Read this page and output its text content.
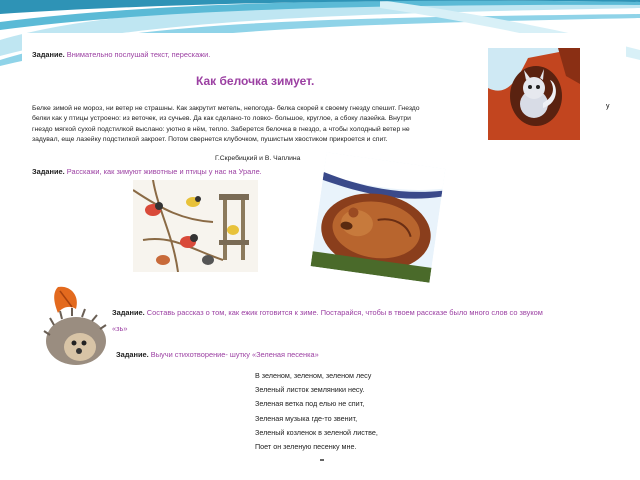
Задание. Внимательно послушай текст, перескажи.
Как белочка зимует.
Белке зимой не мороз, ни ветер не страшны. Как закрутит метель, непогода- белка скорей к своему гнезду спешит. Гнездо
белки как у птицы устроено: из веточек, из сучьев. Да как сделано-то ловко- большое, круглое, а сбоку лазейка. Внутри
гнездо мягкой сухой подстилкой выслано: уютно в нём, тепло. Заберется белочка в гнездо, а чтобы холодный ветер не
задувал, еще лазейку подстилкой закроет. Потом свернется клубочком, пушистым хвостиком прикроется и спит.
у
Г.Скребицкий и В. Чаплина
Задание. Расскажи, как зимуют животные и птицы у нас на Урале.
Задание. Составь рассказ о том, как ежик готовится к зиме. Постарайся, чтобы в твоем рассказе было много слов со звуком
«зь»
Задание. Выучи стихотворение- шутку «Зеленая песенка»
В зеленом, зеленом, зеленом лесу
Зеленый листок земляники несу.
Зеленая ветка под елью не спит,
Зеленая музыка где-то звенит,
Зеленый козленок в зеленой листве,
Поет он зеленую песенку мне.
